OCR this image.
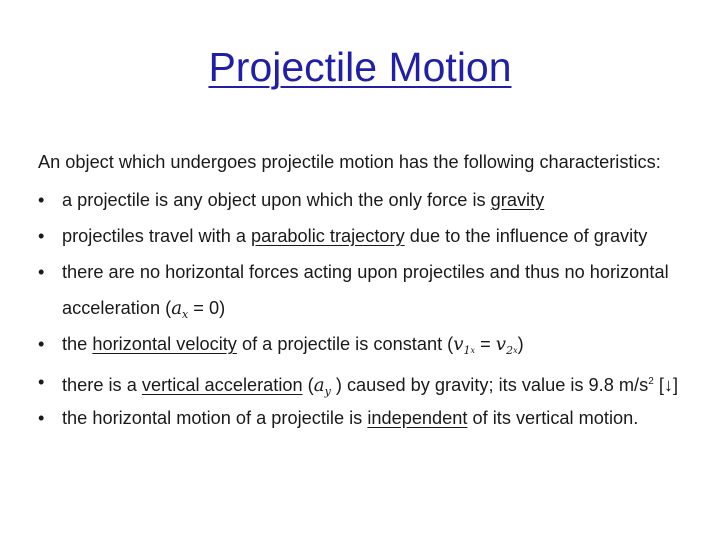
Projectile Motion
An object which undergoes projectile motion has the following characteristics:
• a projectile is any object upon which the only force is gravity
• projectiles travel with a parabolic trajectory due to the influence of gravity
• there are no horizontal forces acting upon projectiles and thus no horizontal
acceleration $(a_x = 0)$
• the horizontal velocity of a projectile is constant $(v_1x = v_2x)$
• there is a vertical acceleration ($a_y$ ) caused by gravity; its value is 9.8 $m/s^2$ [↓]
• the horizontal motion of a projectile is independent of its vertical motion.
